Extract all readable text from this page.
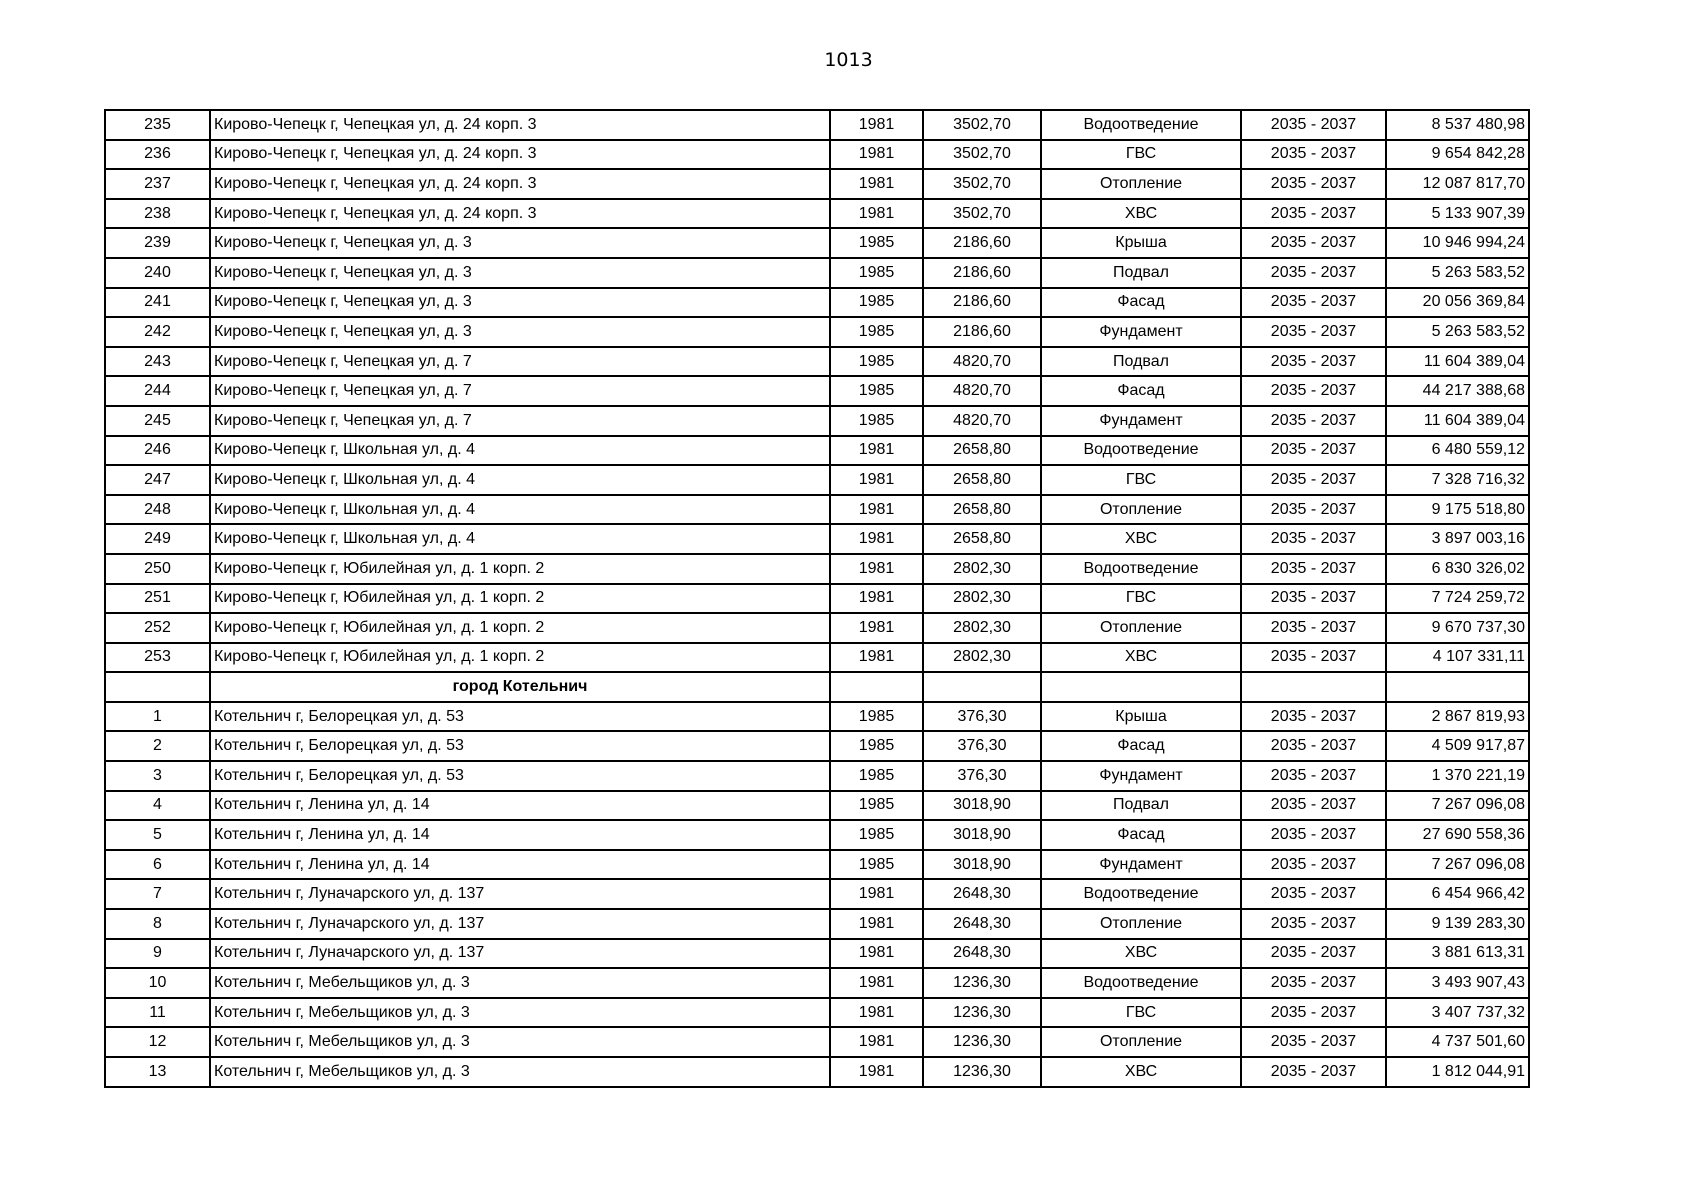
1013
235	Кирово-Чепецк г, Чепецкая ул, д. 24 корп. 3	1981	3502,70	Водоотведение	2035 - 2037	8 537 480,98
236	Кирово-Чепецк г, Чепецкая ул, д. 24 корп. 3	1981	3502,70	ГВС	2035 - 2037	9 654 842,28
237	Кирово-Чепецк г, Чепецкая ул, д. 24 корп. 3	1981	3502,70	Отопление	2035 - 2037	12 087 817,70
238	Кирово-Чепецк г, Чепецкая ул, д. 24 корп. 3	1981	3502,70	ХВС	2035 - 2037	5 133 907,39
239	Кирово-Чепецк г, Чепецкая ул, д. 3	1985	2186,60	Крыша	2035 - 2037	10 946 994,24
240	Кирово-Чепецк г, Чепецкая ул, д. 3	1985	2186,60	Подвал	2035 - 2037	5 263 583,52
241	Кирово-Чепецк г, Чепецкая ул, д. 3	1985	2186,60	Фасад	2035 - 2037	20 056 369,84
242	Кирово-Чепецк г, Чепецкая ул, д. 3	1985	2186,60	Фундамент	2035 - 2037	5 263 583,52
243	Кирово-Чепецк г, Чепецкая ул, д. 7	1985	4820,70	Подвал	2035 - 2037	11 604 389,04
244	Кирово-Чепецк г, Чепецкая ул, д. 7	1985	4820,70	Фасад	2035 - 2037	44 217 388,68
245	Кирово-Чепецк г, Чепецкая ул, д. 7	1985	4820,70	Фундамент	2035 - 2037	11 604 389,04
246	Кирово-Чепецк г, Школьная ул, д. 4	1981	2658,80	Водоотведение	2035 - 2037	6 480 559,12
247	Кирово-Чепецк г, Школьная ул, д. 4	1981	2658,80	ГВС	2035 - 2037	7 328 716,32
248	Кирово-Чепецк г, Школьная ул, д. 4	1981	2658,80	Отопление	2035 - 2037	9 175 518,80
249	Кирово-Чепецк г, Школьная ул, д. 4	1981	2658,80	ХВС	2035 - 2037	3 897 003,16
250	Кирово-Чепецк г, Юбилейная ул, д. 1 корп. 2	1981	2802,30	Водоотведение	2035 - 2037	6 830 326,02
251	Кирово-Чепецк г, Юбилейная ул, д. 1 корп. 2	1981	2802,30	ГВС	2035 - 2037	7 724 259,72
252	Кирово-Чепецк г, Юбилейная ул, д. 1 корп. 2	1981	2802,30	Отопление	2035 - 2037	9 670 737,30
253	Кирово-Чепецк г, Юбилейная ул, д. 1 корп. 2	1981	2802,30	ХВС	2035 - 2037	4 107 331,11
	город Котельнич					
1	Котельнич г, Белорецкая ул, д. 53	1985	376,30	Крыша	2035 - 2037	2 867 819,93
2	Котельнич г, Белорецкая ул, д. 53	1985	376,30	Фасад	2035 - 2037	4 509 917,87
3	Котельнич г, Белорецкая ул, д. 53	1985	376,30	Фундамент	2035 - 2037	1 370 221,19
4	Котельнич г, Ленина ул, д. 14	1985	3018,90	Подвал	2035 - 2037	7 267 096,08
5	Котельнич г, Ленина ул, д. 14	1985	3018,90	Фасад	2035 - 2037	27 690 558,36
6	Котельнич г, Ленина ул, д. 14	1985	3018,90	Фундамент	2035 - 2037	7 267 096,08
7	Котельнич г, Луначарского ул, д. 137	1981	2648,30	Водоотведение	2035 - 2037	6 454 966,42
8	Котельнич г, Луначарского ул, д. 137	1981	2648,30	Отопление	2035 - 2037	9 139 283,30
9	Котельнич г, Луначарского ул, д. 137	1981	2648,30	ХВС	2035 - 2037	3 881 613,31
10	Котельнич г, Мебельщиков ул, д. 3	1981	1236,30	Водоотведение	2035 - 2037	3 493 907,43
11	Котельнич г, Мебельщиков ул, д. 3	1981	1236,30	ГВС	2035 - 2037	3 407 737,32
12	Котельнич г, Мебельщиков ул, д. 3	1981	1236,30	Отопление	2035 - 2037	4 737 501,60
13	Котельнич г, Мебельщиков ул, д. 3	1981	1236,30	ХВС	2035 - 2037	1 812 044,91
